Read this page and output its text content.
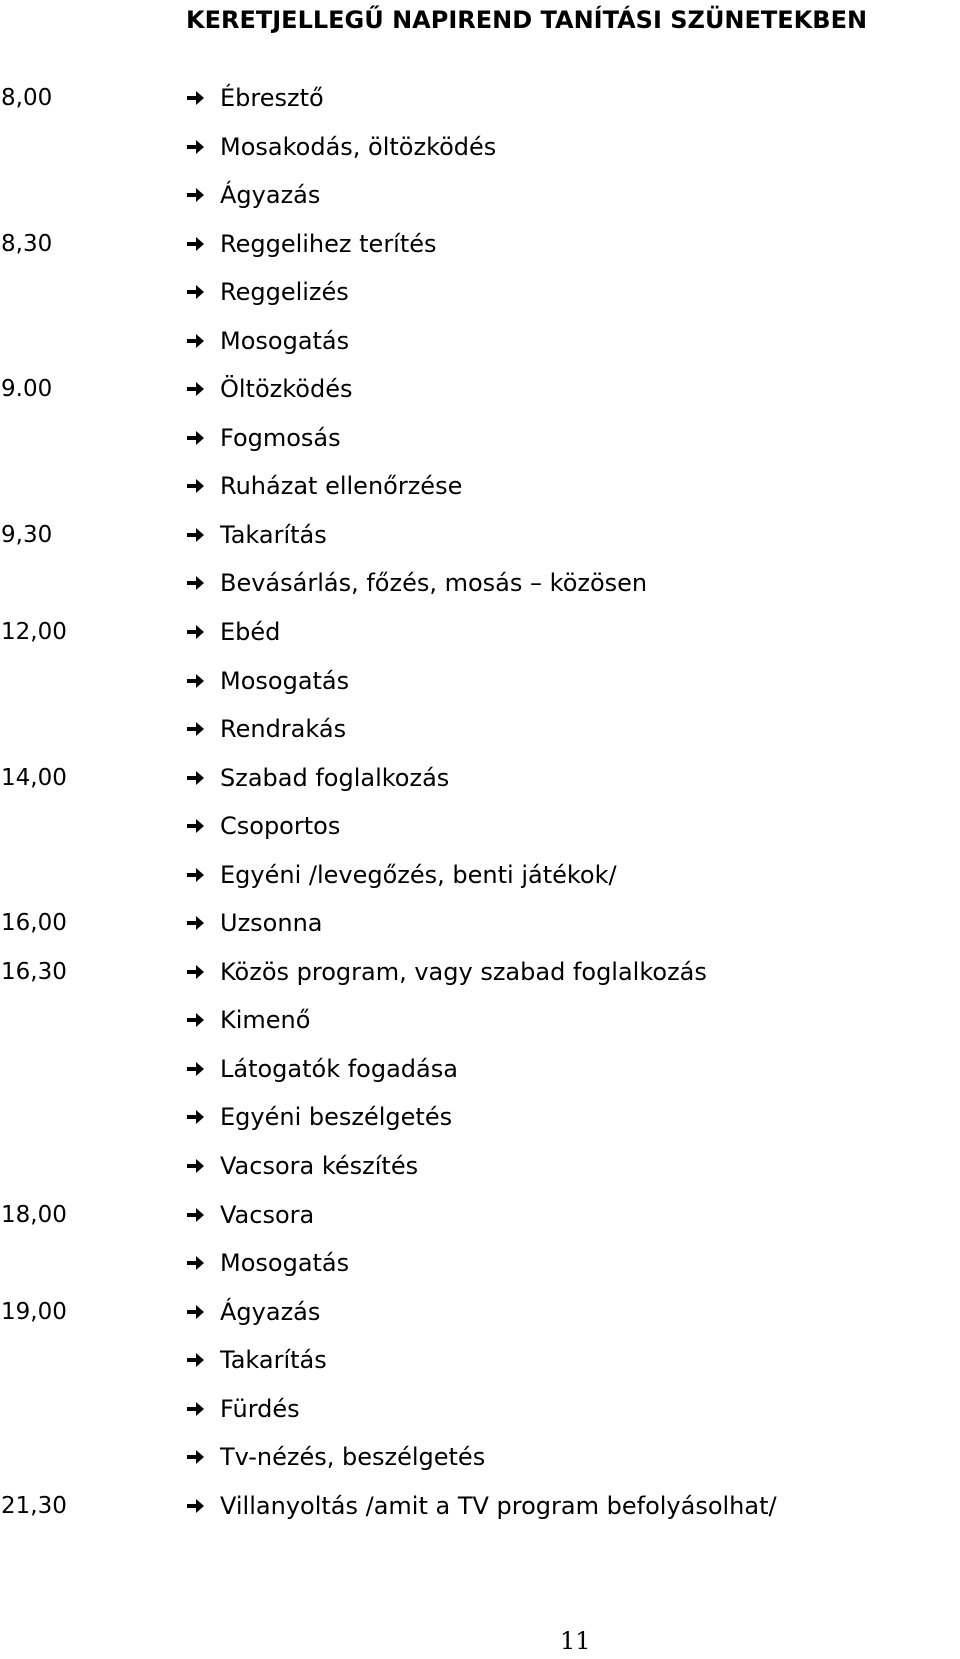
KERETJELLEGŰ NAPIREND TANÍTÁSI SZÜNETEKBEN
8,00	Ébresztő
Mosakodás, öltözködés
Ágyazás
8,30	Reggelihez terítés
Reggelizés
Mosogatás
9.00	Öltözködés
Fogmosás
Ruházat ellenőrzése
9,30	Takarítás
Bevásárlás, főzés, mosás – közösen
12,00	Ebéd
Mosogatás
Rendrakás
14,00	Szabad foglalkozás
Csoportos
Egyéni /levegőzés, benti játékok/
16,00	Uzsonna
16,30	Közös program, vagy szabad foglalkozás
Kimenő
Látogatók fogadása
Egyéni beszélgetés
Vacsora készítés
18,00	Vacsora
Mosogatás
19,00	Ágyazás
Takarítás
Fürdés
Tv-nézés, beszélgetés
21,30	Villanyoltás /amit a TV program befolyásolhat/
11
